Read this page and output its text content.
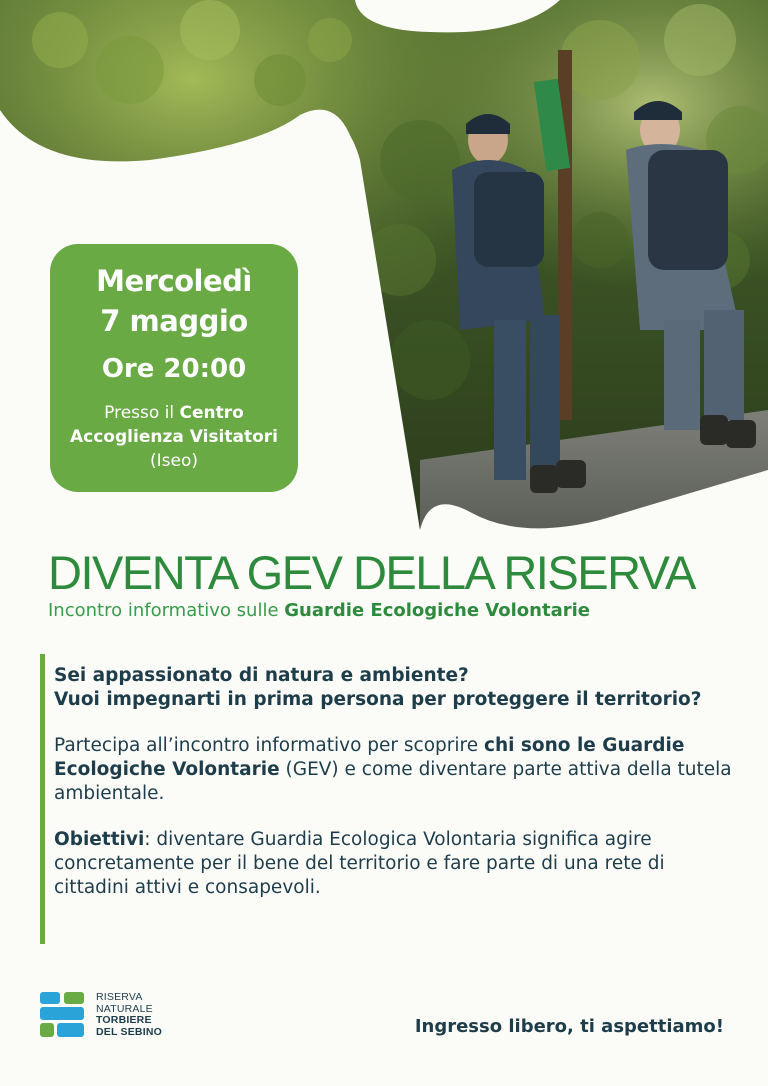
Mercoledì
7 maggio
Ore 20:00
Presso il Centro Accoglienza Visitatori (Iseo)
DIVENTA GEV DELLA RISERVA
Incontro informativo sulle Guardie Ecologiche Volontarie

Sei appassionato di natura e ambiente?
Vuoi impegnarti in prima persona per proteggere il territorio?

Partecipa all’incontro informativo per scoprire chi sono le Guardie Ecologiche Volontarie (GEV) e come diventare parte attiva della tutela ambientale.

Obiettivi: diventare Guardia Ecologica Volontaria significa agire concretamente per il bene del territorio e fare parte di una rete di cittadini attivi e consapevoli.

RISERVA
NATURALE
TORBIERE
DEL SEBINO	Ingresso libero, ti aspettiamo!
